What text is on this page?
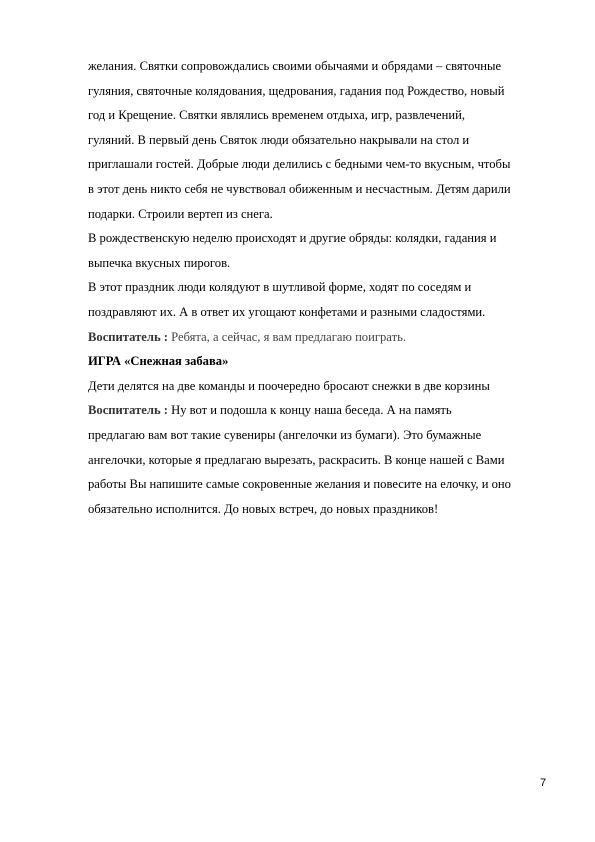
желания. Святки сопровождались своими обычаями и обрядами – святочные
гуляния, святочные колядования, щедрования, гадания под Рождество, новый
год и Крещение. Святки являлись временем отдыха, игр, развлечений,
гуляний. В первый день Святок люди обязательно накрывали на стол и
приглашали гостей. Добрые люди делились с бедными чем-то вкусным, чтобы
в этот день никто себя не чувствовал обиженным и несчастным. Детям дарили
подарки. Строили вертеп из снега.

В рождественскую неделю происходят и другие обряды: колядки, гадания и
выпечка вкусных пирогов.

В этот праздник люди колядуют в шутливой форме, ходят по соседям и
поздравляют их. А в ответ их угощают конфетами и разными сладостями.

Воспитатель : Ребята, а сейчас, я вам предлагаю поиграть.

ИГРА «Снежная забава»

Дети делятся на две команды и поочередно бросают снежки в две корзины

Воспитатель : Ну вот и подошла к концу наша беседа. А на память
предлагаю вам вот такие сувениры (ангелочки из бумаги). Это бумажные
ангелочки, которые я предлагаю вырезать, раскрасить. В конце нашей с Вами
работы Вы напишите самые сокровенные желания и повесите на елочку, и оно
обязательно исполнится. До новых встреч, до новых праздников!

7
